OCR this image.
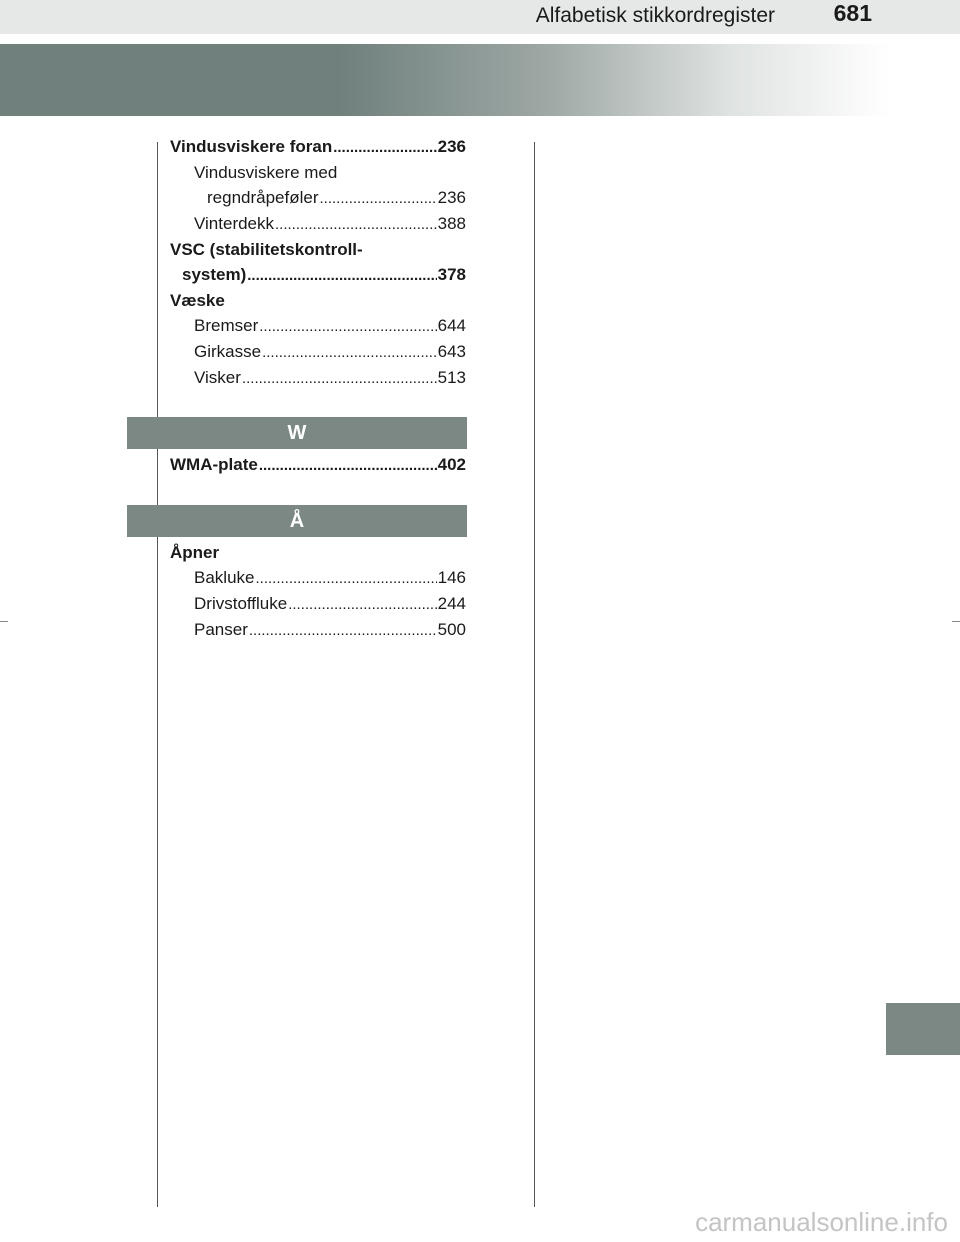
Alfabetisk stikkordregister	681
Vindusviskere foran .....	236
Vindusviskere med
regndråpeføler .....	236
Vinterdekk .....	388
VSC (stabilitetskontroll-
system) .....	378
Væske
Bremser .....	644
Girkasse .....	643
Visker .....	513
W
WMA-plate .....	402
Å
Åpner
Bakluke .....	146
Drivstoffluke .....	244
Panser .....	500
carmanualsonline.info
